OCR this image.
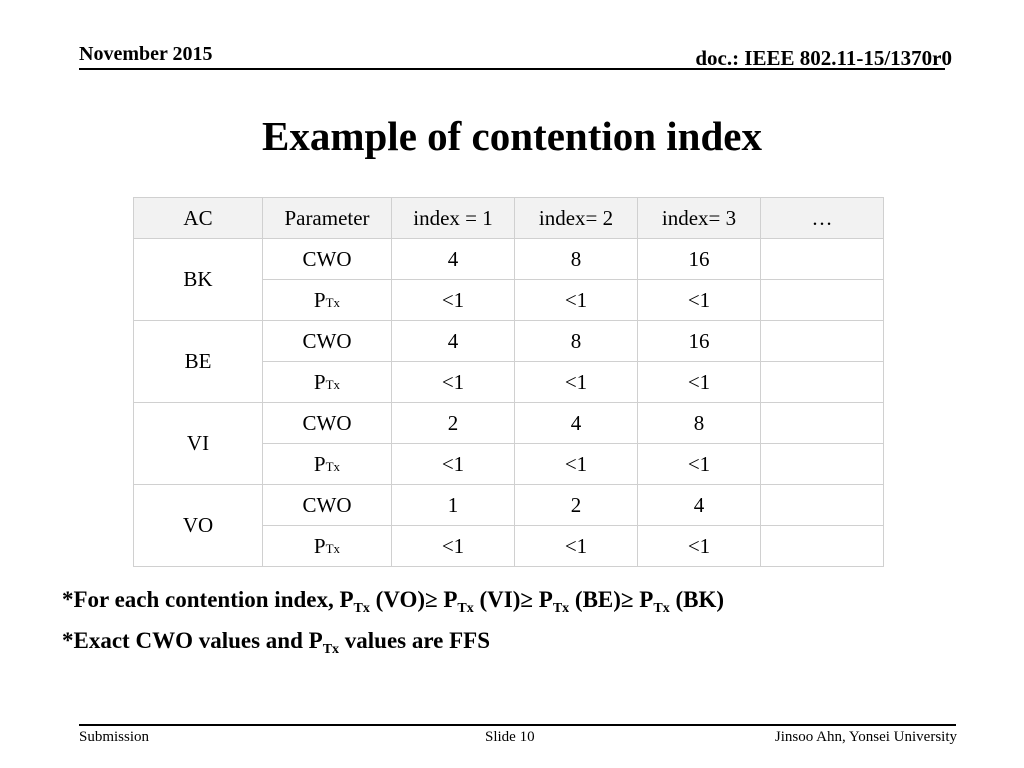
November 2015	doc.: IEEE 802.11-15/1370r0
Example of contention index
AC	Parameter	index = 1	index= 2	index= 3	…
BK	CWO	4	8	16	
	PTx	<1	<1	<1	
BE	CWO	4	8	16	
	PTx	<1	<1	<1	
VI	CWO	2	4	8	
	PTx	<1	<1	<1	
VO	CWO	1	2	4	
	PTx	<1	<1	<1	
*For each contention index, $P_{Tx}$ $(VO)\ge P_{Tx}$ $(VI)\ge P_{Tx}$ $(BE)\ge P_{Tx}$ (BK)
*Exact CWO values and $P_{Tx}$ values are FFS
Submission	Slide 10	Jinsoo Ahn, Yonsei University
